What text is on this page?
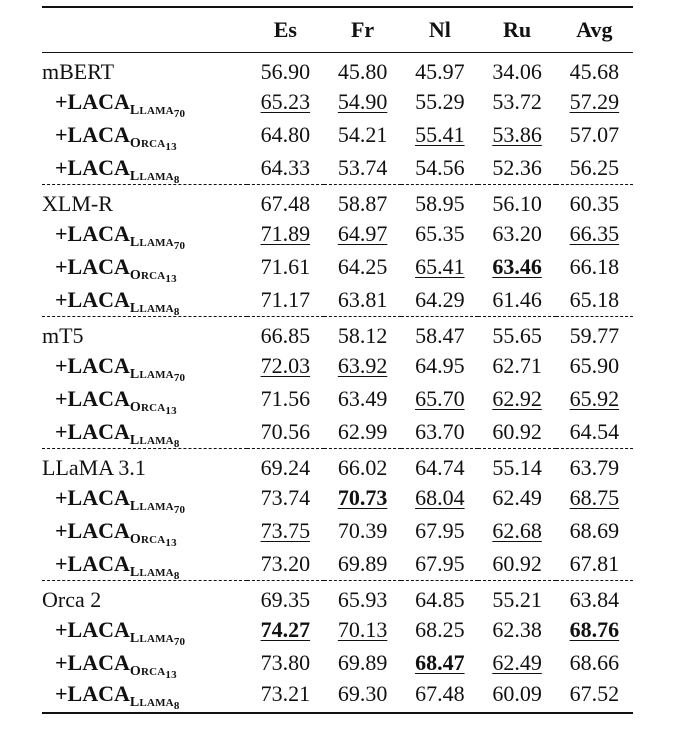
	Es	Fr	Nl	Ru	Avg
mBERT	56.90	45.80	45.97	34.06	45.68
$+LACA_{LLAMA_{70}}$	65.23	54.90	55.29	53.72	57.29
$+LACA_{ORCA_{13}}$	64.80	54.21	55.41	53.86	57.07
$+LACA_{LLAMA_8}$	64.33	53.74	54.56	52.36	56.25
XLM-R	67.48	58.87	58.95	56.10	60.35
$+LACA_{LLAMA_{70}}$	71.89	64.97	65.35	63.20	66.35
$+LACA_{ORCA_{13}}$	71.61	64.25	65.41	63.46	66.18
$+LACA_{LLAMA_8}$	71.17	63.81	64.29	61.46	65.18
mT5	66.85	58.12	58.47	55.65	59.77
$+LACA_{LLAMA_{70}}$	72.03	63.92	64.95	62.71	65.90
$+LACA_{ORCA_{13}}$	71.56	63.49	65.70	62.92	65.92
$+LACA_{LLAMA_8}$	70.56	62.99	63.70	60.92	64.54
LLaMA 3.1	69.24	66.02	64.74	55.14	63.79
$+LACA_{LLAMA_{70}}$	73.74	70.73	68.04	62.49	68.75
$+LACA_{ORCA_{13}}$	73.75	70.39	67.95	62.68	68.69
$+LACA_{LLAMA_8}$	73.20	69.89	67.95	60.92	67.81
Orca 2	69.35	65.93	64.85	55.21	63.84
$+LACA_{LLAMA_{70}}$	74.27	70.13	68.25	62.38	68.76
$+LACA_{ORCA_{13}}$	73.80	69.89	68.47	62.49	68.66
$+LACA_{LLAMA_8}$	73.21	69.30	67.48	60.09	67.52
